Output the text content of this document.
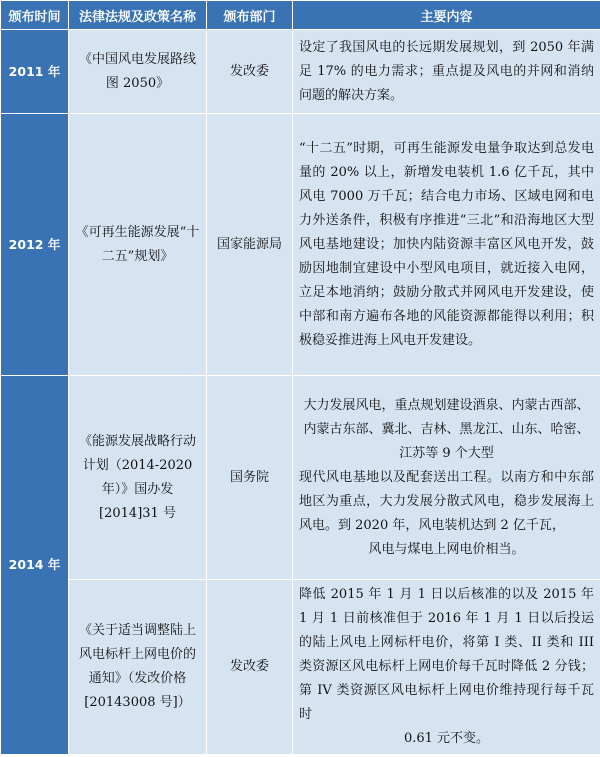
颁布时间	法律法规及政策名称	颁布部门	主要内容
2011 年	《中国风电发展路线图 2050》	发改委	设定了我国风电的长远期发展规划，到 2050 年满足 17% 的电力需求；重点提及风电的并网和消纳问题的解决方案。
2012 年	《可再生能源发展“十二五”规划》	国家能源局	“十二五”时期，可再生能源发电量争取达到总发电量的 20% 以上，新增发电装机 1.6 亿千瓦，其中风电 7000 万千瓦；结合电力市场、区域电网和电力外送条件，积极有序推进“三北”和沿海地区大型风电基地建设；加快内陆资源丰富区风电开发，鼓励因地制宜建设中小型风电项目，就近接入电网，立足本地消纳；鼓励分散式并网风电开发建设，使中部和南方遍布各地的风能资源都能得以利用；积极稳妥推进海上风电开发建设。
2014 年	《能源发展战略行动计划（2014-2020 年）》国办发[2014]31 号	国务院	大力发展风电，重点规划建设酒泉、内蒙古西部、内蒙古东部、冀北、吉林、黑龙江、山东、哈密、
江苏等 9 个大型
现代风电基地以及配套送出工程。以南方和中东部地区为重点，大力发展分散式风电，稳步发展海上风电。到 2020 年，风电装机达到 2 亿千瓦，
风电与煤电上网电价相当。

	《关于适当调整陆上风电标杆上网电价的通知》（发改价格[20143008 号]）	发改委	降低 2015 年 1 月 1 日以后核准的以及 2015 年 1 月 1 日前核准但于 2016 年 1 月 1 日以后投运的陆上风电上网标杆电价，将第 I 类、II 类和 III 类资源区风电标杆上网电价每千瓦时降低 2 分钱；第 IV 类资源区风电标杆上网电价维持现行每千瓦时
0.61 元不变。
